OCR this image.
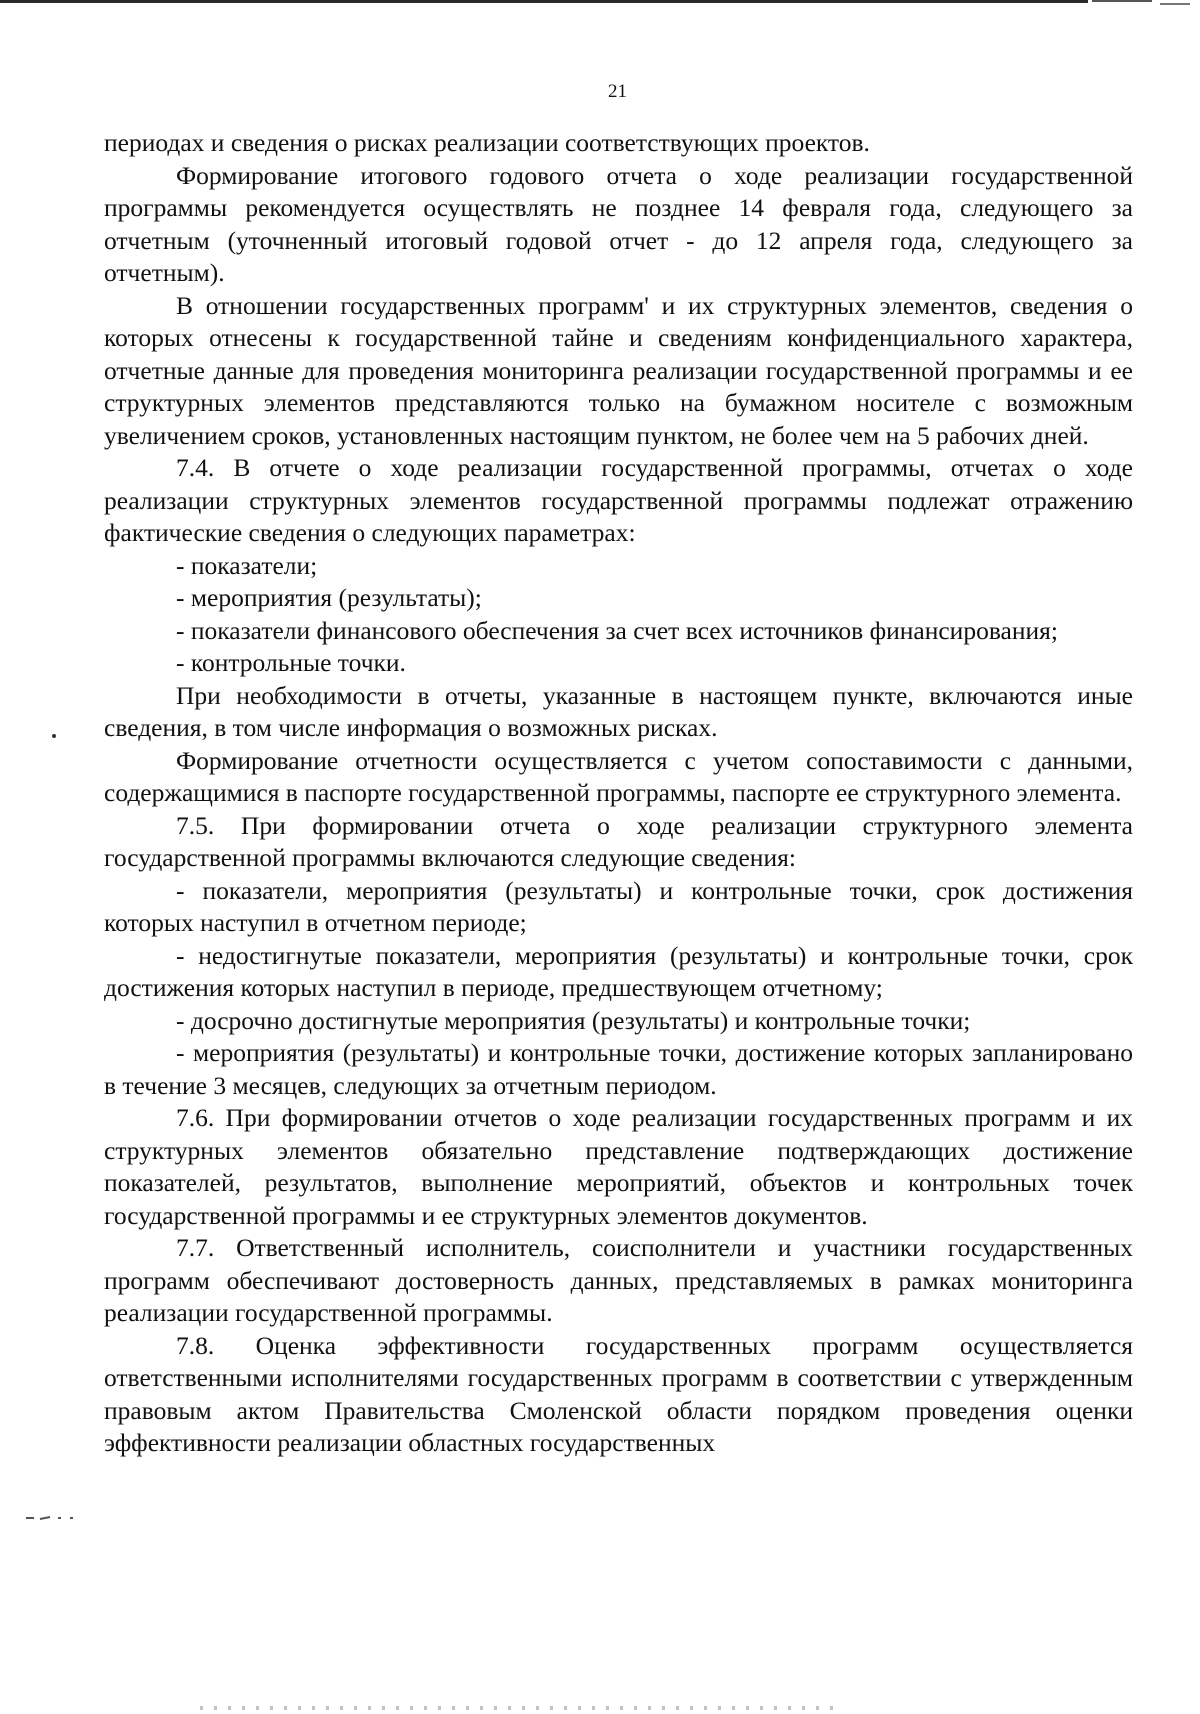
21

периодах и сведения о рисках реализации соответствующих проектов.

Формирование итогового годового отчета о ходе реализации государственной программы рекомендуется осуществлять не позднее 14 февраля года, следующего за отчетным (уточненный итоговый годовой отчет - до 12 апреля года, следующего за отчетным).

В отношении государственных программ' и их структурных элементов, сведения о которых отнесены к государственной тайне и сведениям конфиденциального характера, отчетные данные для проведения мониторинга реализации государственной программы и ее структурных элементов представляются только на бумажном носителе с возможным увеличением сроков, установленных настоящим пунктом, не более чем на 5 рабочих дней.

7.4. В отчете о ходе реализации государственной программы, отчетах о ходе реализации структурных элементов государственной программы подлежат отражению фактические сведения о следующих параметрах:

- показатели;

- мероприятия (результаты);

- показатели финансового обеспечения за счет всех источников финансирования;

- контрольные точки.

При необходимости в отчеты, указанные в настоящем пункте, включаются иные сведения, в том числе информация о возможных рисках.

Формирование отчетности осуществляется с учетом сопоставимости с данными, содержащимися в паспорте государственной программы, паспорте ее структурного элемента.

7.5. При формировании отчета о ходе реализации структурного элемента государственной программы включаются следующие сведения:

- показатели, мероприятия (результаты) и контрольные точки, срок достижения которых наступил в отчетном периоде;

- недостигнутые показатели, мероприятия (результаты) и контрольные точки, срок достижения которых наступил в периоде, предшествующем отчетному;

- досрочно достигнутые мероприятия (результаты) и контрольные точки;

- мероприятия (результаты) и контрольные точки, достижение которых запланировано в течение 3 месяцев, следующих за отчетным периодом.

7.6. При формировании отчетов о ходе реализации государственных программ и их структурных элементов обязательно представление подтверждающих достижение показателей, результатов, выполнение мероприятий, объектов и контрольных точек государственной программы и ее структурных элементов документов.

7.7. Ответственный исполнитель, соисполнители и участники государственных программ обеспечивают достоверность данных, представляемых в рамках мониторинга реализации государственной программы.

7.8. Оценка эффективности государственных программ осуществляется ответственными исполнителями государственных программ в соответствии с утвержденным правовым актом Правительства Смоленской области порядком проведения оценки эффективности реализации областных государственных
